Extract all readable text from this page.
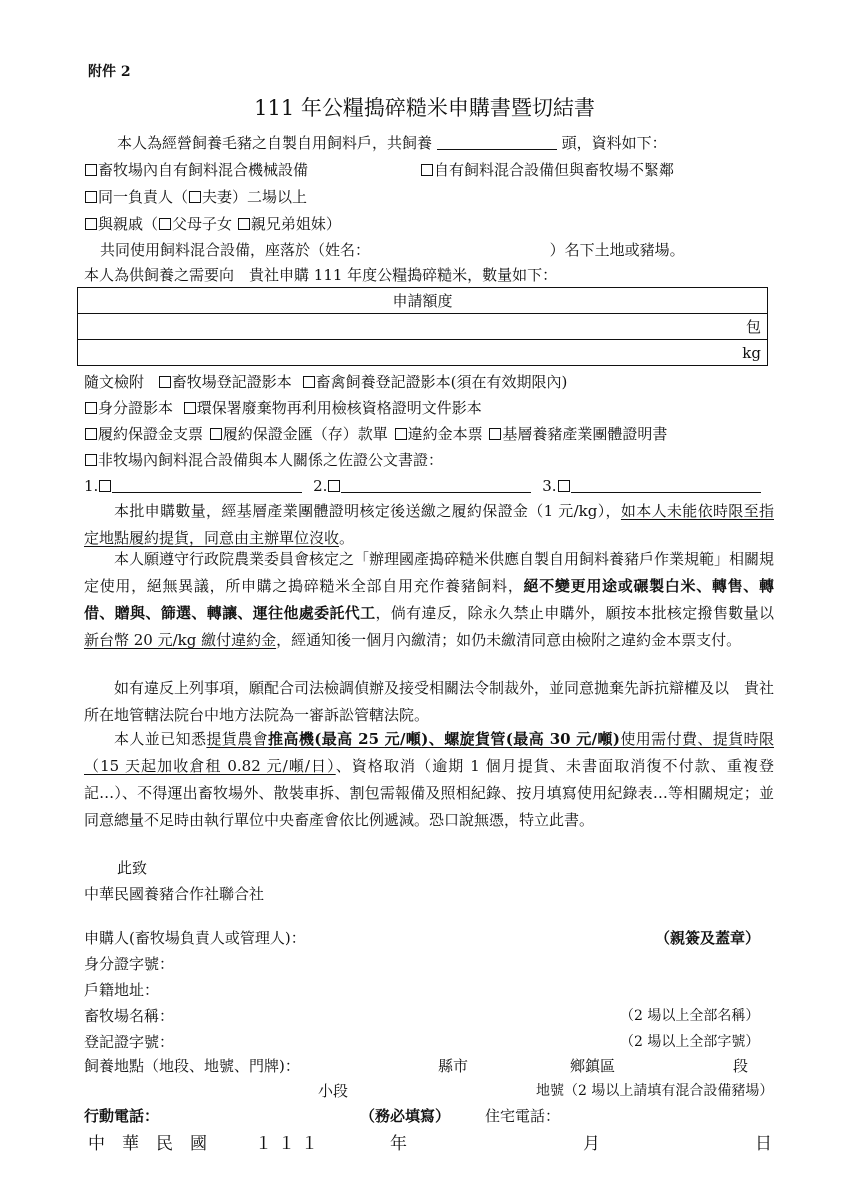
附件 2
111 年公糧搗碎糙米申購書暨切結書
本人為經營飼養毛豬之自製自用飼料戶，共飼養	頭，資料如下：
畜牧場內自有飼料混合機械設備	自有飼料混合設備但與畜牧場不緊鄰
同一負責人（ 夫妻）二場以上
與親戚（ 父母子女 親兄弟姐妹）
共同使用飼料混合設備，座落於（姓名：	）名下土地或豬場。
本人為供飼養之需要向　貴社申購 111 年度公糧搗碎糙米，數量如下：
申請額度
包
kg
隨文檢附 畜牧場登記證影本 畜禽飼養登記證影本(須在有效期限內)
身分證影本 環保署廢棄物再利用檢核資格證明文件影本
履約保證金支票 履約保證金匯（存）款單 違約金本票 基層養豬產業團體證明書
非牧場內飼料混合設備與本人關係之佐證公文書證：
1.	2.	3.

本批申購數量，經基層產業團體證明核定後送繳之履約保證金（1 元/kg），如本人未能依時限至指定地點履約提貨，同意由主辦單位沒收。

本人願遵守行政院農業委員會核定之「辦理國產搗碎糙米供應自製自用飼料養豬戶作業規範」相關規定使用，絕無異議，所申購之搗碎糙米全部自用充作養豬飼料，絕不變更用途或碾製白米、轉售、轉借、贈與、篩選、轉讓、運往他處委託代工，倘有違反，除永久禁止申購外，願按本批核定撥售數量以新台幣 20 元/kg 繳付違約金，經通知後一個月內繳清；如仍未繳清同意由檢附之違約金本票支付。

如有違反上列事項，願配合司法檢調偵辦及接受相關法令制裁外，並同意拋棄先訴抗辯權及以　貴社所在地管轄法院台中地方法院為一審訴訟管轄法院。

本人並已知悉提貨農會推高機(最高 25 元/噸)、螺旋貨管(最高 30 元/噸)使用需付費、提貨時限（15 天起加收倉租 0.82 元/噸/日）、資格取消（逾期 1 個月提貨、未書面取消復不付款、重複登記…）、不得運出畜牧場外、散裝車拆、割包需報備及照相紀錄、按月填寫使用紀錄表…等相關規定；並同意總量不足時由執行單位中央畜產會依比例遞減。恐口說無憑，特立此書。

此致
中華民國養豬合作社聯合社
申購人(畜牧場負責人或管理人)：	（親簽及蓋章）
身分證字號：
戶籍地址：
畜牧場名稱：	（2 場以上全部名稱）
登記證字號：	（2 場以上全部字號）
飼養地點（地段、地號、門牌)：	縣市	鄉鎮區	段
小段	地號（2 場以上請填有混合設備豬場）
行動電話：	（務必填寫） 住宅電話：
中　華　民　國	１１１	年	月	日
